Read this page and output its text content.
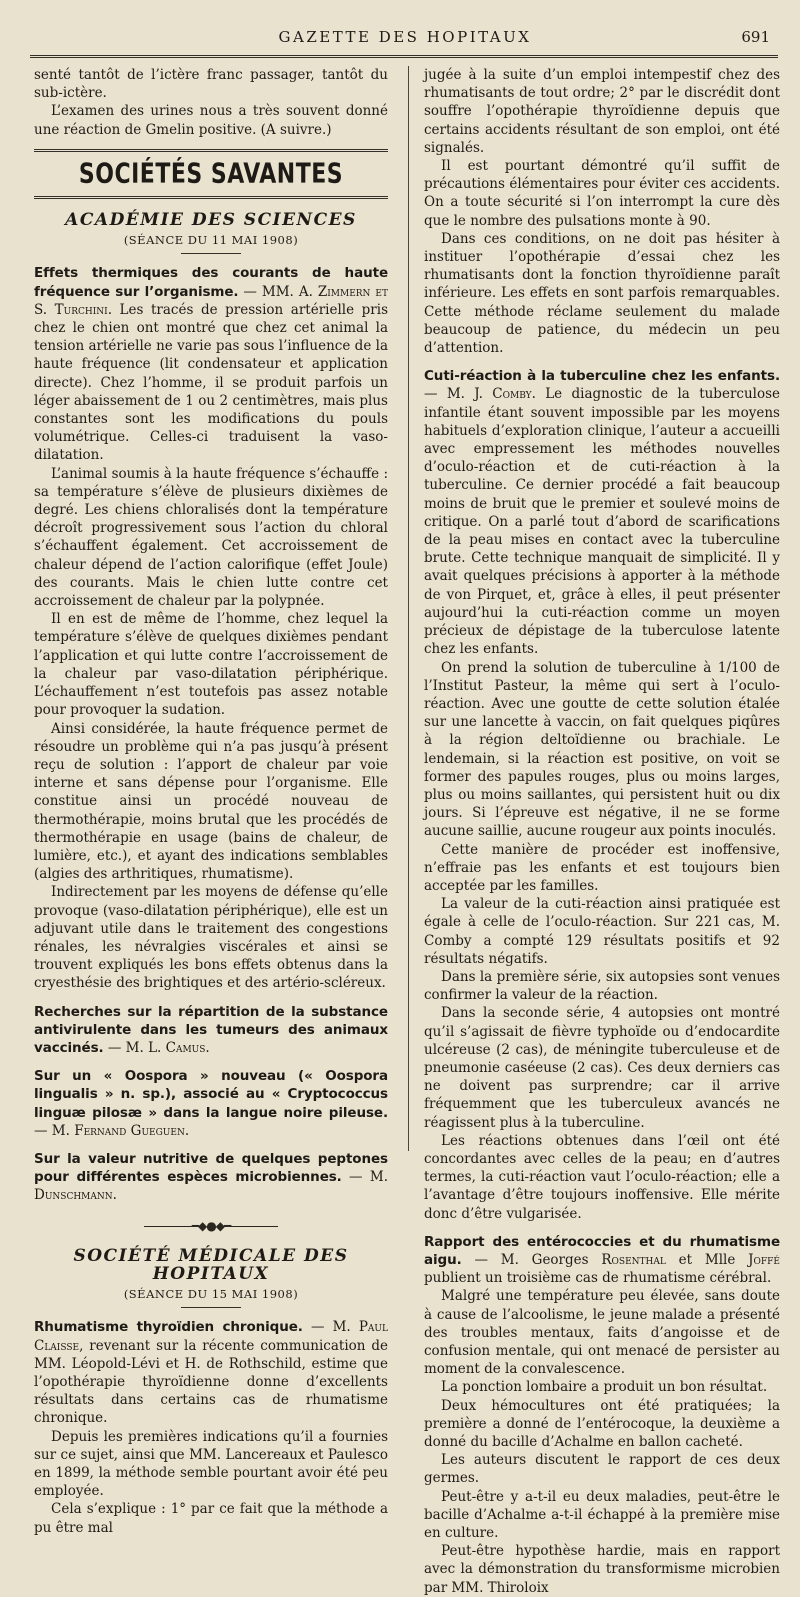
GAZETTE DES HOPITAUX	691

senté tantôt de l’ictère franc passager, tantôt du sub-ictère.

L’examen des urines nous a très souvent donné une réaction de Gmelin positive. (A suivre.)

SOCIÉTÉS SAVANTES
ACADÉMIE DES SCIENCES
(SÉANCE DU 11 MAI 1908)

Effets thermiques des courants de haute fréquence sur l’organisme. — MM. A. Zimmern et S. Turchini. Les tracés de pression artérielle pris chez le chien ont montré que chez cet animal la tension artérielle ne varie pas sous l’influence de la haute fréquence (lit condensateur et application directe). Chez l’homme, il se produit parfois un léger abaissement de 1 ou 2 centimètres, mais plus constantes sont les modifications du pouls volumétrique. Celles-ci traduisent la vaso-dilatation.

L’animal soumis à la haute fréquence s’échauffe : sa température s’élève de plusieurs dixièmes de degré. Les chiens chloralisés dont la température décroît progressivement sous l’action du chloral s’échauffent également. Cet accroissement de chaleur dépend de l’action calorifique (effet Joule) des courants. Mais le chien lutte contre cet accroissement de chaleur par la polypnée.

Il en est de même de l’homme, chez lequel la température s’élève de quelques dixièmes pendant l’application et qui lutte contre l’accroissement de la chaleur par vaso-dilatation périphérique. L’échauffement n’est toutefois pas assez notable pour provoquer la sudation.

Ainsi considérée, la haute fréquence permet de résoudre un problème qui n’a pas jusqu’à présent reçu de solution : l’apport de chaleur par voie interne et sans dépense pour l’organisme. Elle constitue ainsi un procédé nouveau de thermothérapie, moins brutal que les procédés de thermothérapie en usage (bains de chaleur, de lumière, etc.), et ayant des indications semblables (algies des arthritiques, rhumatisme).

Indirectement par les moyens de défense qu’elle provoque (vaso-dilatation périphérique), elle est un adjuvant utile dans le traitement des congestions rénales, les névralgies viscérales et ainsi se trouvent expliqués les bons effets obtenus dans la cryesthésie des brightiques et des artério-scléreux.

Recherches sur la répartition de la substance antivirulente dans les tumeurs des animaux vaccinés. — M. L. Camus.

Sur un « Oospora » nouveau (« Oospora lingualis » n. sp.), associé au « Cryptococcus linguæ pilosæ » dans la langue noire pileuse. — M. Fernand Gueguen.

Sur la valeur nutritive de quelques peptones pour différentes espèces microbiennes. — M. Dunschmann.

━◆●◆━
SOCIÉTÉ MÉDICALE DES HOPITAUX
(SÉANCE DU 15 MAI 1908)

Rhumatisme thyroïdien chronique. — M. Paul Claisse, revenant sur la récente communication de MM. Léopold-Lévi et H. de Rothschild, estime que l’opothérapie thyroïdienne donne d’excellents résultats dans certains cas de rhumatisme chronique.

Depuis les premières indications qu’il a fournies sur ce sujet, ainsi que MM. Lancereaux et Paulesco en 1899, la méthode semble pourtant avoir été peu employée.

Cela s’explique : 1° par ce fait que la méthode a pu être mal

jugée à la suite d’un emploi intempestif chez des rhumatisants de tout ordre; 2° par le discrédit dont souffre l’opothérapie thyroïdienne depuis que certains accidents résultant de son emploi, ont été signalés.

Il est pourtant démontré qu’il suffit de précautions élémentaires pour éviter ces accidents. On a toute sécurité si l’on interrompt la cure dès que le nombre des pulsations monte à 90.

Dans ces conditions, on ne doit pas hésiter à instituer l’opothérapie d’essai chez les rhumatisants dont la fonction thyroïdienne paraît inférieure. Les effets en sont parfois remarquables. Cette méthode réclame seulement du malade beaucoup de patience, du médecin un peu d’attention.

Cuti-réaction à la tuberculine chez les enfants. — M. J. Comby. Le diagnostic de la tuberculose infantile étant souvent impossible par les moyens habituels d’exploration clinique, l’auteur a accueilli avec empressement les méthodes nouvelles d’oculo-réaction et de cuti-réaction à la tuberculine. Ce dernier procédé a fait beaucoup moins de bruit que le premier et soulevé moins de critique. On a parlé tout d’abord de scarifications de la peau mises en contact avec la tuberculine brute. Cette technique manquait de simplicité. Il y avait quelques précisions à apporter à la méthode de von Pirquet, et, grâce à elles, il peut présenter aujourd’hui la cuti-réaction comme un moyen précieux de dépistage de la tuberculose latente chez les enfants.

On prend la solution de tuberculine à 1/100 de l’Institut Pasteur, la même qui sert à l’oculo-réaction. Avec une goutte de cette solution étalée sur une lancette à vaccin, on fait quelques piqûres à la région deltoïdienne ou brachiale. Le lendemain, si la réaction est positive, on voit se former des papules rouges, plus ou moins larges, plus ou moins saillantes, qui persistent huit ou dix jours. Si l’épreuve est négative, il ne se forme aucune saillie, aucune rougeur aux points inoculés.

Cette manière de procéder est inoffensive, n’effraie pas les enfants et est toujours bien acceptée par les familles.

La valeur de la cuti-réaction ainsi pratiquée est égale à celle de l’oculo-réaction. Sur 221 cas, M. Comby a compté 129 résultats positifs et 92 résultats négatifs.

Dans la première série, six autopsies sont venues confirmer la valeur de la réaction.

Dans la seconde série, 4 autopsies ont montré qu’il s’agissait de fièvre typhoïde ou d’endocardite ulcéreuse (2 cas), de méningite tuberculeuse et de pneumonie caséeuse (2 cas). Ces deux derniers cas ne doivent pas surprendre; car il arrive fréquemment que les tuberculeux avancés ne réagissent plus à la tuberculine.

Les réactions obtenues dans l’œil ont été concordantes avec celles de la peau; en d’autres termes, la cuti-réaction vaut l’oculo-réaction; elle a l’avantage d’être toujours inoffensive. Elle mérite donc d’être vulgarisée.

Rapport des entérococcies et du rhumatisme aigu. — M. Georges Rosenthal et Mlle Joffé publient un troisième cas de rhumatisme cérébral.

Malgré une température peu élevée, sans doute à cause de l’alcoolisme, le jeune malade a présenté des troubles mentaux, faits d’angoisse et de confusion mentale, qui ont menacé de persister au moment de la convalescence.

La ponction lombaire a produit un bon résultat.

Deux hémocultures ont été pratiquées; la première a donné de l’entérocoque, la deuxième a donné du bacille d’Achalme en ballon cacheté.

Les auteurs discutent le rapport de ces deux germes.

Peut-être y a-t-il eu deux maladies, peut-être le bacille d’Achalme a-t-il échappé à la première mise en culture.

Peut-être hypothèse hardie, mais en rapport avec la démonstration du transformisme microbien par MM. Thiroloix
